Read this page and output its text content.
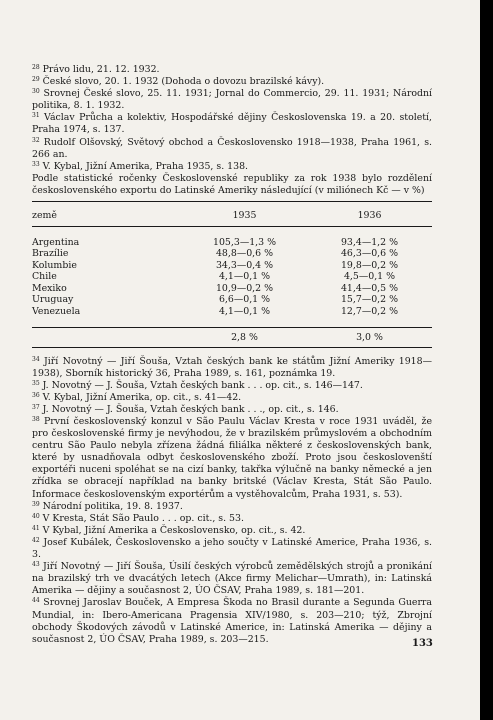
$^{28}$ Právo lidu, 21. 12. 1932.

$^{29}$ České slovo, 20. 1. 1932 (Dohoda o dovozu brazilské kávy).

$^{30}$ Srovnej České slovo, 25. 11. 1931; Jornal do Commercio, 29. 11. 1931; Národní politika, 8. 1. 1932.

$^{31}$ Václav Průcha a kolektiv, Hospodářské dějiny Československa 19. a 20. století, Praha 1974, s. 137.

$^{32}$ Rudolf Olšovský, Světový obchod a Československo 1918—1938, Praha 1961, s. 266 an.

$^{33}$ V. Kybal, Jižní Amerika, Praha 1935, s. 138.

Podle statistické ročenky Československé republiky za rok 1938 bylo rozdělení československého exportu do Latinské Ameriky následující (v miliónech Kč — v %)

země	1935	1936

Argentina	105,3—1,3 %	93,4—1,2 %
Brazílie	48,8—0,6 %	46,3—0,6 %
Kolumbie	34,3—0,4 %	19,8—0,2 %
Chile	4,1—0,1 %	4,5—0,1 %
Mexiko	10,9—0,2 %	41,4—0,5 %
Uruguay	6,6—0,1 %	15,7—0,2 %
Venezuela	4,1—0,1 %	12,7—0,2 %

	2,8 %	3,0 %

$^{34}$ Jiří Novotný — Jiří Šouša, Vztah českých bank ke státům Jižní Ameriky 1918—1938), Sborník historický 36, Praha 1989, s. 161, poznámka 19.

$^{35}$ J. Novotný — J. Šouša, Vztah českých bank . . . op. cit., s. 146—147.

$^{36}$ V. Kybal, Jižní Amerika, op. cit., s. 41—42.

$^{37}$ J. Novotný — J. Šouša, Vztah českých bank . . ., op. cit., s. 146.

$^{38}$ První československý konzul v São Paulu Václav Kresta v roce 1931 uváděl, že pro československé firmy je nevýhodou, že v brazilském průmyslovém a obchodním centru São Paulo nebyla zřízena žádná filiálka některé z československých bank, které by usnadňovala odbyt československého zboží. Proto jsou českoslovenští exportéři nuceni spoléhat se na cizí banky, takřka výlučně na banky německé a jen zřídka se obracejí například na banky britské (Václav Kresta, Stát São Paulo. Informace československým exportérům a vystěhovalcům, Praha 1931, s. 53).

$^{39}$ Národní politika, 19. 8. 1937.

$^{40}$ V Kresta, Stát São Paulo . . . op. cit., s. 53.

$^{41}$ V Kybal, Jižní Amerika a Československo, op. cit., s. 42.

$^{42}$ Josef Kubálek, Československo a jeho součty v Latinské Americe, Praha 1936, s. 3.

$^{43}$ Jiří Novotný — Jiří Šouša, Úsilí českých výrobců zemědělských strojů a pronikání na brazilský trh ve dvacátých letech (Akce firmy Melichar—Umrath), in: Latinská Amerika — dějiny a současnost 2, ÚO ČSAV, Praha 1989, s. 181—201.

$^{44}$ Srovnej Jaroslav Bouček, A Empresa Škoda no Brasil durante a Segunda Guerra Mundial, in: Ibero-Americana Pragensia XIV/1980, s. 203—210; týž, Zbrojní obchody Škodových závodů v Latinské Americe, in: Latinská Amerika — dějiny a současnost 2, ÚO ČSAV, Praha 1989, s. 203—215.	133
